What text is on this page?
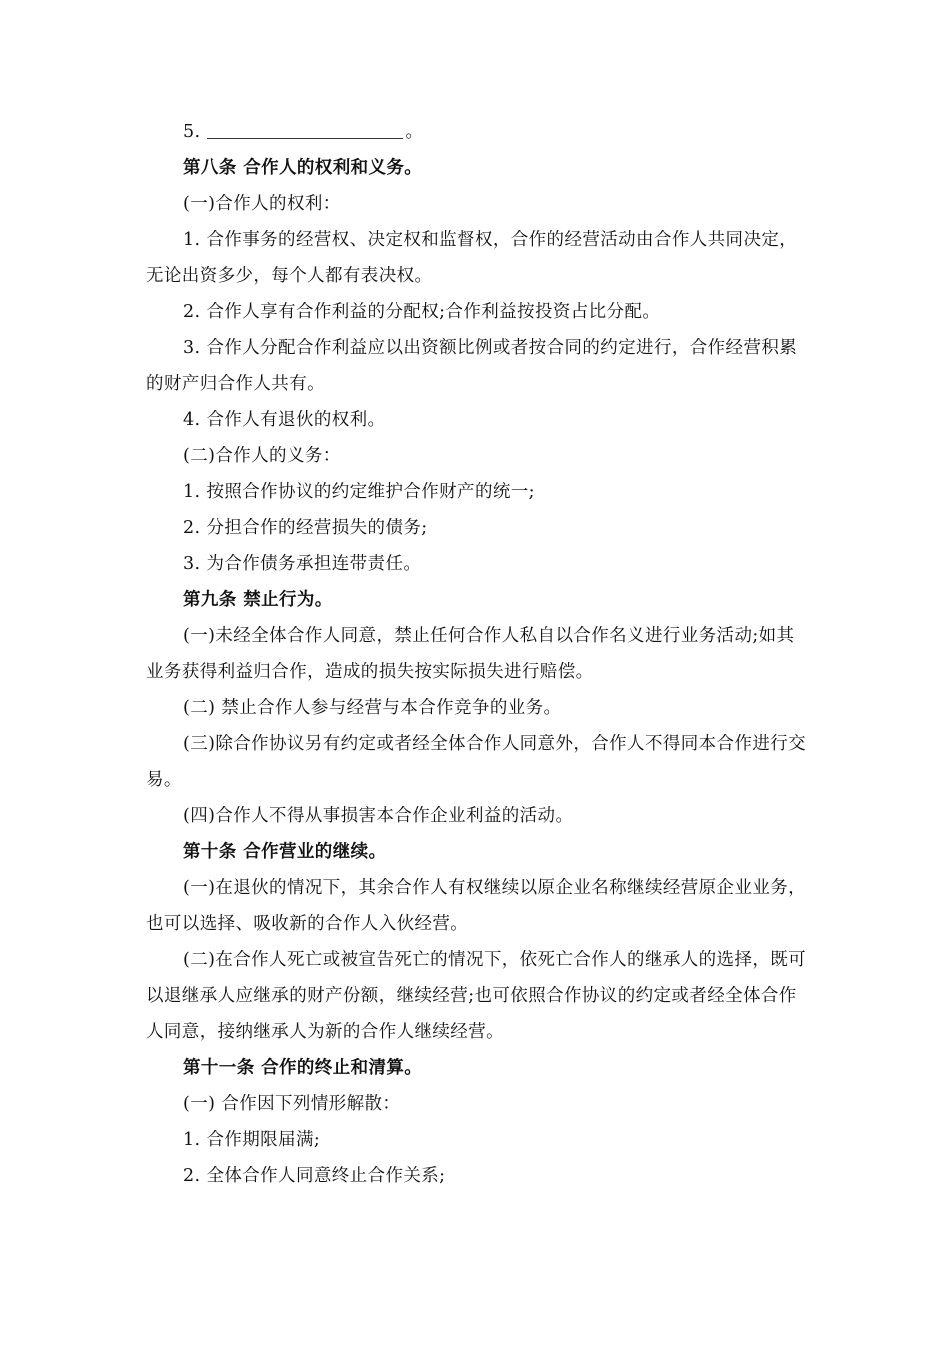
5.	。

第八条 合作人的权利和义务。

(一)合作人的权利：

1. 合作事务的经营权、决定权和监督权，合作的经营活动由合作人共同决定，无论出资多少，每个人都有表决权。

2. 合作人享有合作利益的分配权;合作利益按投资占比分配。

3. 合作人分配合作利益应以出资额比例或者按合同的约定进行，合作经营积累的财产归合作人共有。

4. 合作人有退伙的权利。

(二)合作人的义务：

1. 按照合作协议的约定维护合作财产的统一;

2. 分担合作的经营损失的债务;

3. 为合作债务承担连带责任。

第九条 禁止行为。

(一)未经全体合作人同意，禁止任何合作人私自以合作名义进行业务活动;如其业务获得利益归合作，造成的损失按实际损失进行赔偿。

(二) 禁止合作人参与经营与本合作竞争的业务。

(三)除合作协议另有约定或者经全体合作人同意外，合作人不得同本合作进行交易。

(四)合作人不得从事损害本合作企业利益的活动。

第十条 合作营业的继续。

(一)在退伙的情况下，其余合作人有权继续以原企业名称继续经营原企业业务，也可以选择、吸收新的合作人入伙经营。

(二)在合作人死亡或被宣告死亡的情况下，依死亡合作人的继承人的选择，既可以退继承人应继承的财产份额，继续经营;也可依照合作协议的约定或者经全体合作人同意，接纳继承人为新的合作人继续经营。

第十一条 合作的终止和清算。

(一) 合作因下列情形解散：

1. 合作期限届满;

2. 全体合作人同意终止合作关系;
